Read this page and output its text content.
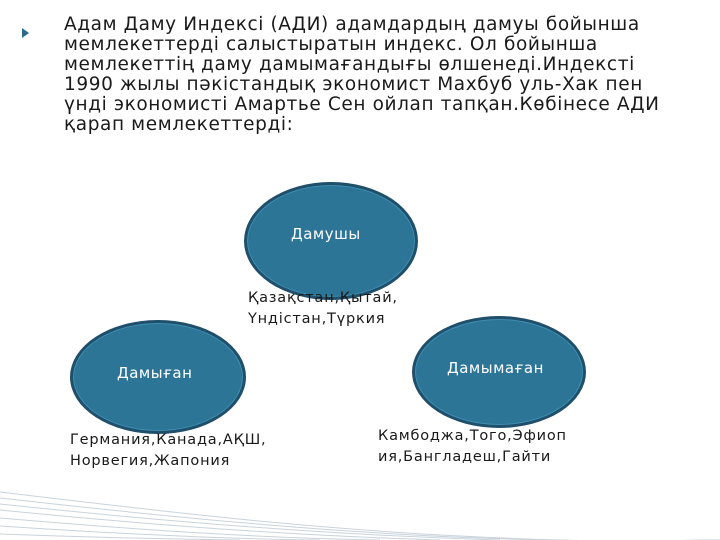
Адам Даму Индексі (АДИ) адамдардың дамуы бойынша
мемлекеттерді салыстыратын индекс. Ол бойынша
мемлекеттің даму дамымағандығы өлшенеді.Индексті
1990 жылы пәкістандық экономист Махбуб уль-Хак пен
үнді экономисті Амартье Сен ойлап тапқан.Көбінесе АДИ
қарап мемлекеттерді:

Дамушы
Қазақстан,Қытай,
Үндістан,Түркия
Дамыған
Германия,Канада,АҚШ,
Норвегия,Жапония
Дамымаған
Камбоджа,Того,Эфиоп
ия,Бангладеш,Гайти
